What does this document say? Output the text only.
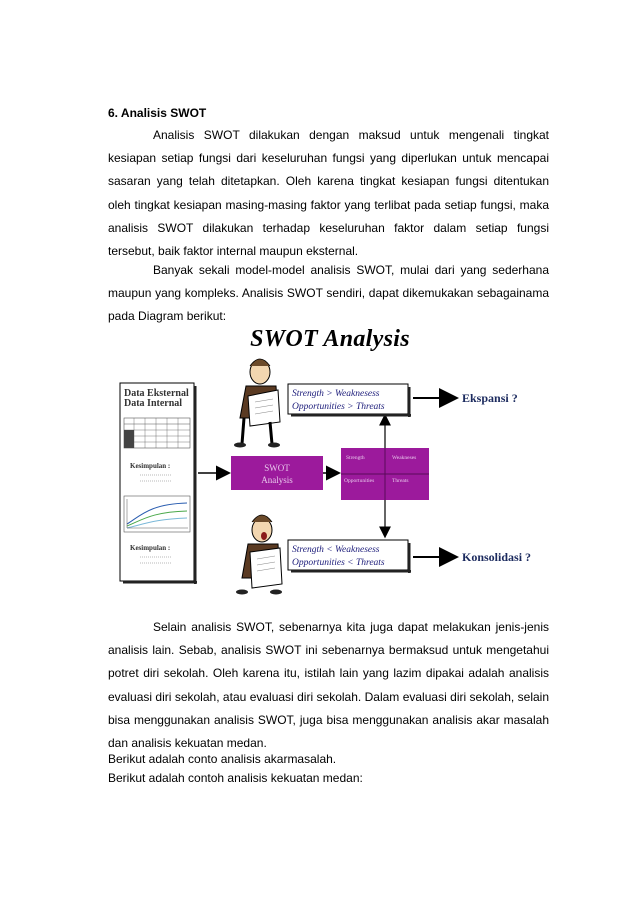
6. Analisis SWOT

Analisis SWOT dilakukan dengan maksud untuk mengenali tingkat kesiapan setiap fungsi dari keseluruhan fungsi yang diperlukan untuk mencapai sasaran yang telah ditetapkan. Oleh karena tingkat kesiapan fungsi ditentukan oleh tingkat kesiapan masing-masing faktor yang terlibat pada setiap fungsi, maka analisis SWOT dilakukan terhadap keseluruhan faktor dalam setiap fungsi tersebut, baik faktor internal maupun eksternal.

Banyak sekali model-model analisis SWOT, mulai dari yang sederhana maupun yang kompleks. Analisis SWOT sendiri, dapat dikemukakan sebagainama pada Diagram berikut:

SWOT Analysis
Data Eksternal
Data Internal
Kesimpulan :
Kesimpulan :
SWOT
Analysis
Strength	Weakneses
Opportunities	Threats
Strength > Weaknesess
Opportunities > Threats
Strength < Weaknesess
Opportunities < Threats
Ekspansi ?
Konsolidasi ?

Selain analisis SWOT, sebenarnya kita juga dapat melakukan jenis-jenis analisis lain. Sebab, analisis SWOT ini sebenarnya bermaksud untuk mengetahui potret diri sekolah. Oleh karena itu, istilah lain yang lazim dipakai adalah analisis evaluasi diri sekolah, atau evaluasi diri sekolah. Dalam evaluasi diri sekolah, selain bisa menggunakan analisis SWOT, juga bisa menggunakan analisis akar masalah dan analisis kekuatan medan.

Berikut adalah conto analisis akarmasalah.

Berikut adalah contoh analisis kekuatan medan:
